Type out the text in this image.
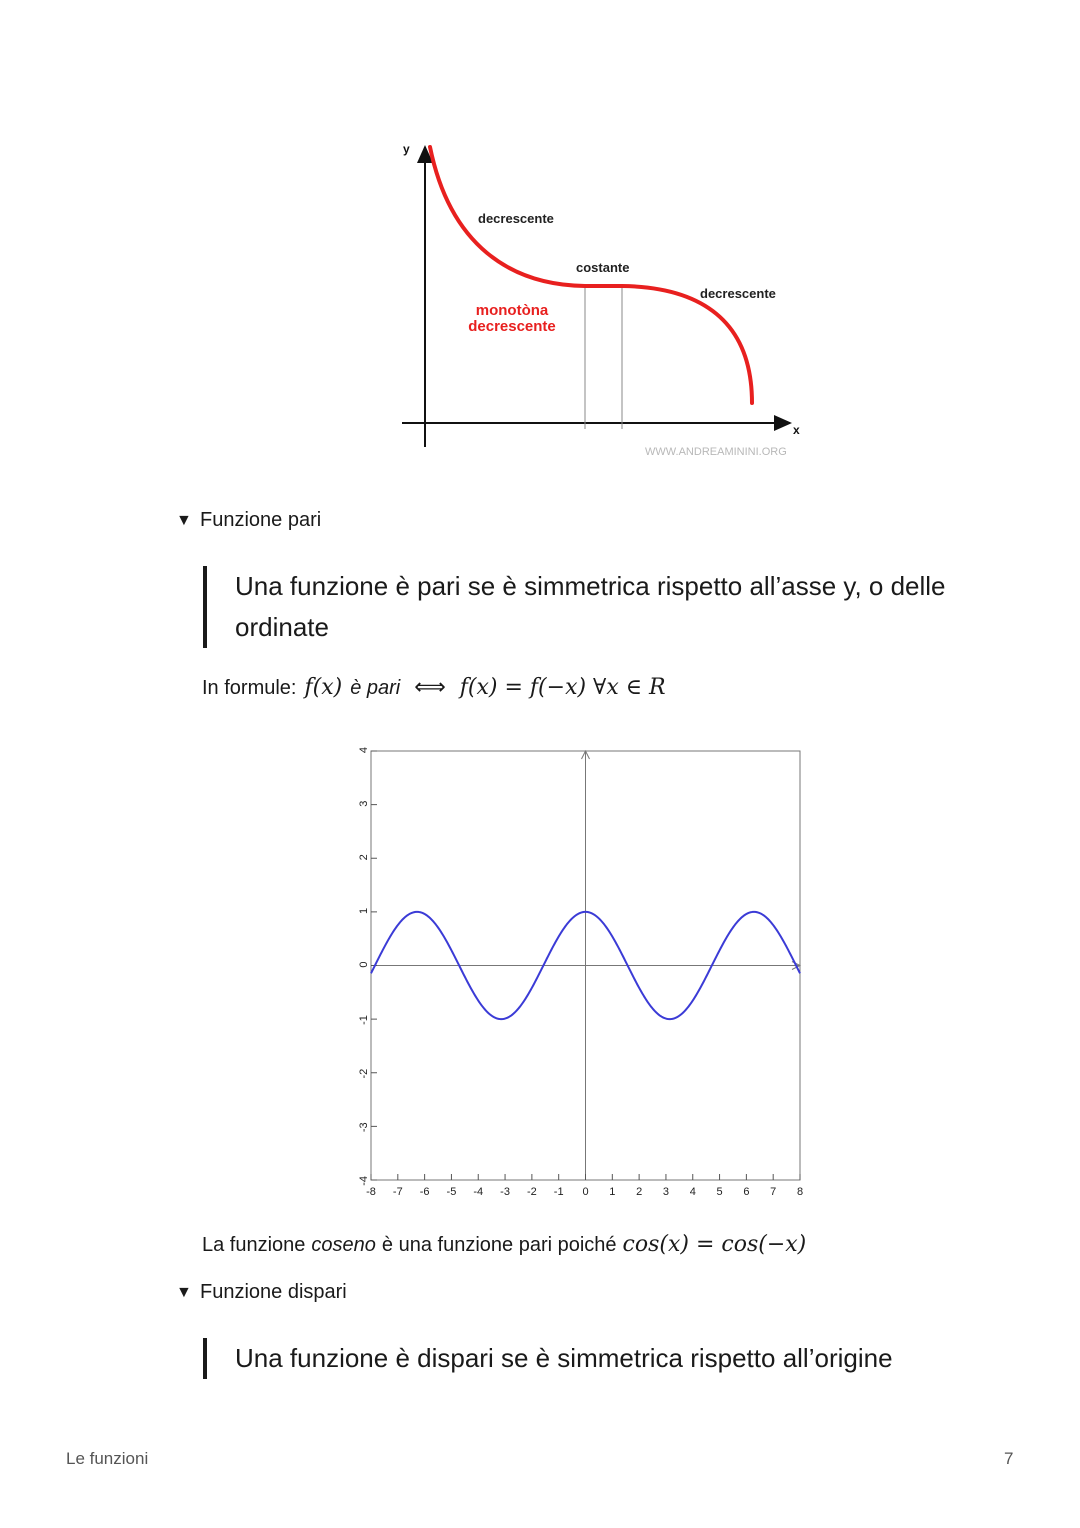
y
x
decrescente
costante
decrescente
monotòna
decrescente
WWW.ANDREAMININI.ORG
▼ Funzione pari
Una funzione è pari se è simmetrica rispetto all’asse y, o delle ordinate
In formule: f(x) è pari ⟺ f(x) = f(−x) ∀x ∈ R
-8 -7 -6 -5 -4 -3 -2 -1 0 1 2 3 4 5 6 7 8
4
3
2
1
0
-1
-2
-3
-4
La funzione coseno è una funzione pari poiché cos(x) = cos(−x)
▼ Funzione dispari
Una funzione è dispari se è simmetrica rispetto all’origine
Le funzioni	7
